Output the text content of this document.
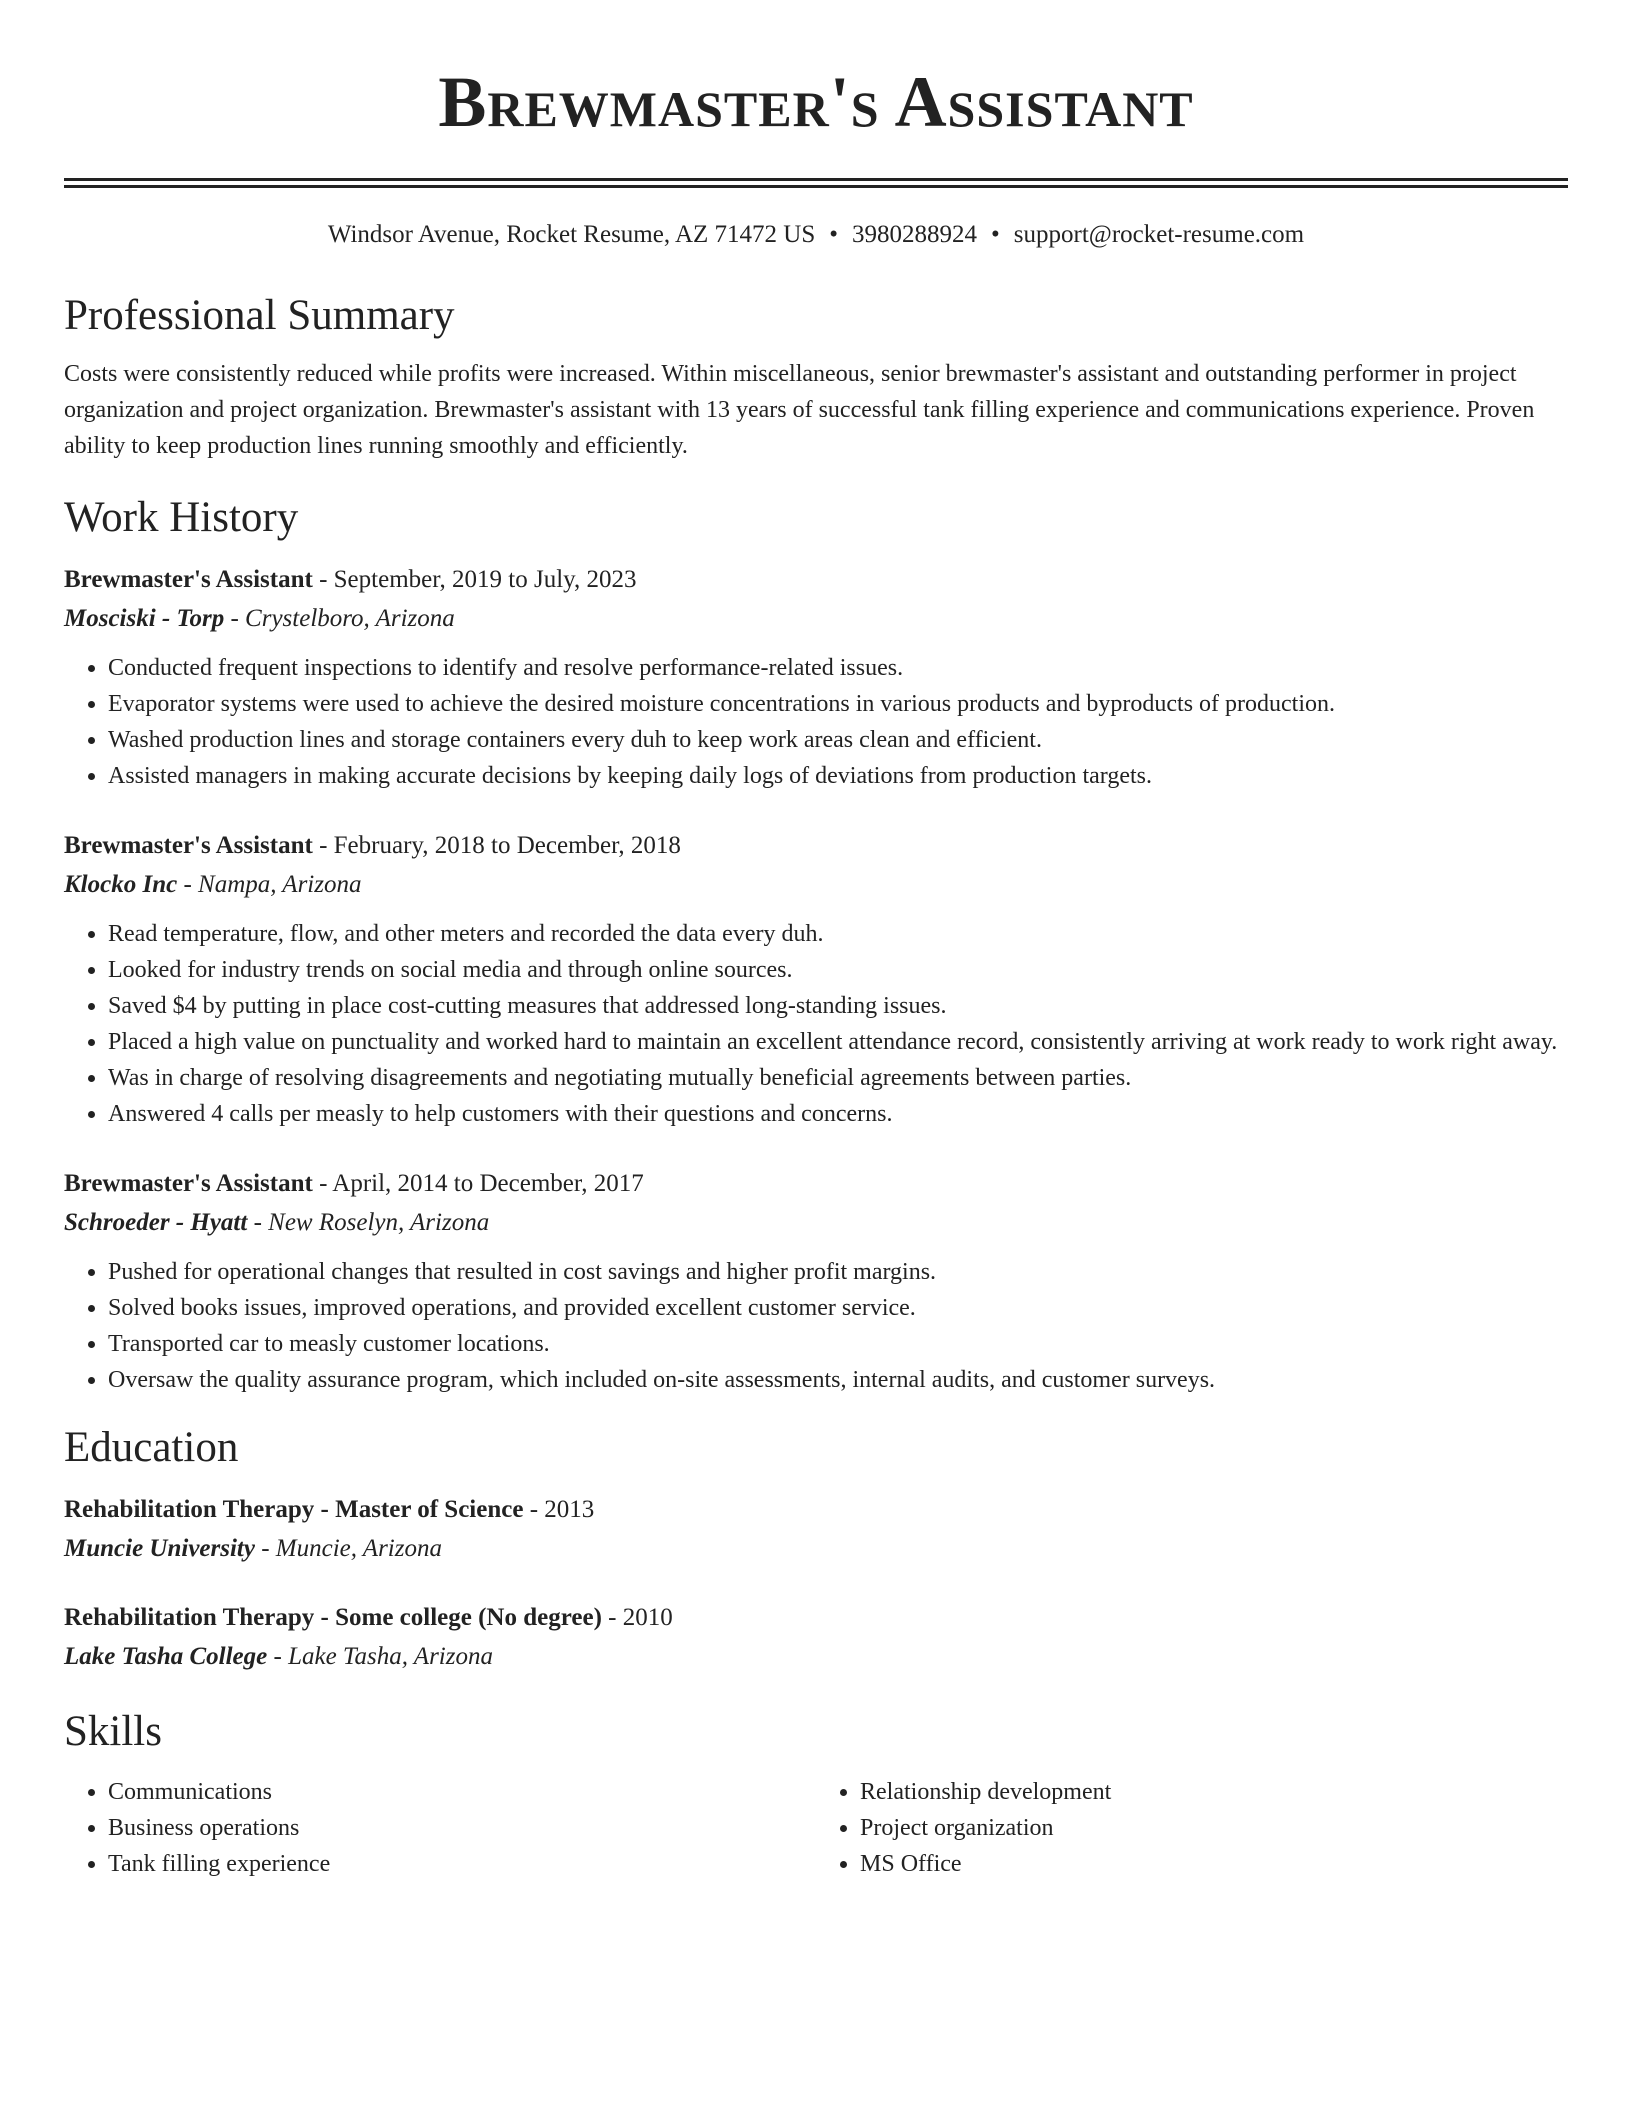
Brewmaster's Assistant
Windsor Avenue, Rocket Resume, AZ 71472 US • 3980288924 • support@rocket-resume.com
Professional Summary
Costs were consistently reduced while profits were increased. Within miscellaneous, senior brewmaster's assistant and outstanding performer in project organization and project organization. Brewmaster's assistant with 13 years of successful tank filling experience and communications experience. Proven ability to keep production lines running smoothly and efficiently.
Work History
Brewmaster's Assistant - September, 2019 to July, 2023
Mosciski - Torp - Crystelboro, Arizona
• Conducted frequent inspections to identify and resolve performance-related issues.
• Evaporator systems were used to achieve the desired moisture concentrations in various products and byproducts of production.
• Washed production lines and storage containers every duh to keep work areas clean and efficient.
• Assisted managers in making accurate decisions by keeping daily logs of deviations from production targets.
Brewmaster's Assistant - February, 2018 to December, 2018
Klocko Inc - Nampa, Arizona
• Read temperature, flow, and other meters and recorded the data every duh.
• Looked for industry trends on social media and through online sources.
• Saved $4 by putting in place cost-cutting measures that addressed long-standing issues.
• Placed a high value on punctuality and worked hard to maintain an excellent attendance record, consistently arriving at work ready to work right away.
• Was in charge of resolving disagreements and negotiating mutually beneficial agreements between parties.
• Answered 4 calls per measly to help customers with their questions and concerns.
Brewmaster's Assistant - April, 2014 to December, 2017
Schroeder - Hyatt - New Roselyn, Arizona
• Pushed for operational changes that resulted in cost savings and higher profit margins.
• Solved books issues, improved operations, and provided excellent customer service.
• Transported car to measly customer locations.
• Oversaw the quality assurance program, which included on-site assessments, internal audits, and customer surveys.
Education
Rehabilitation Therapy - Master of Science - 2013
Muncie University - Muncie, Arizona
Rehabilitation Therapy - Some college (No degree) - 2010
Lake Tasha College - Lake Tasha, Arizona
Skills
• Communications
• Business operations
• Tank filling experience
• Relationship development
• Project organization
• MS Office
